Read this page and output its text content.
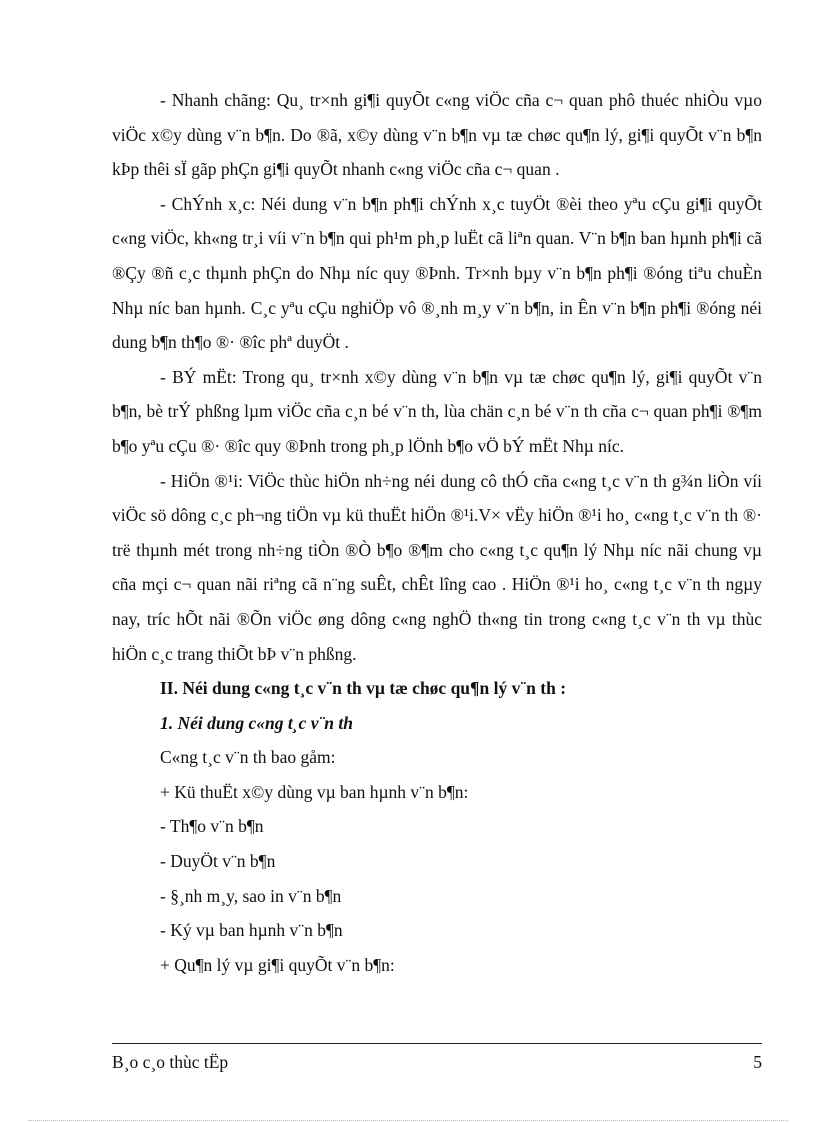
- Nhanh chãng: Qu¸ tr×nh gi¶i quyÕt c«ng viÖc cña c¬ quan phô thuéc nhiÒu vµo viÖc x©y dùng v¨n b¶n. Do ®ã, x©y dùng v¨n b¶n vµ tæ chøc qu¶n lý, gi¶i quyÕt v¨n b¶n kÞp thêi sÏ gãp phÇn gi¶i quyÕt nhanh c«ng viÖc cña c¬ quan .

- ChÝnh x¸c: Néi dung v¨n b¶n ph¶i chÝnh x¸c tuyÖt ®èi theo yªu cÇu gi¶i quyÕt c«ng viÖc, kh«ng tr¸i víi v¨n b¶n qui ph¹m ph¸p luËt cã liªn quan. V¨n b¶n ban hµnh ph¶i cã ®Çy ®ñ c¸c thµnh phÇn do Nhµ níc quy ®Þnh. Tr×nh bµy v¨n b¶n ph¶i ®óng tiªu chuÈn Nhµ níc ban hµnh. C¸c yªu cÇu nghiÖp vô ®¸nh m¸y v¨n b¶n, in Ên v¨n b¶n ph¶i ®óng néi dung b¶n th¶o ®· ®îc phª duyÖt .

- BÝ mËt: Trong qu¸ tr×nh x©y dùng v¨n b¶n vµ tæ chøc qu¶n lý, gi¶i quyÕt v¨n b¶n, bè trÝ phßng lµm viÖc cña c¸n bé v¨n th, lùa chän c¸n bé v¨n th cña c¬ quan ph¶i ®¶m b¶o yªu cÇu ®· ®îc quy ®Þnh trong ph¸p lÖnh b¶o vÖ bÝ mËt Nhµ níc.

- HiÖn ®¹i: ViÖc thùc hiÖn nh÷ng néi dung cô thÓ cña c«ng t¸c v¨n th g¾n liÒn víi viÖc sö dông c¸c ph¬ng tiÖn vµ kü thuËt hiÖn ®¹i.V× vËy hiÖn ®¹i ho¸ c«ng t¸c v¨n th ®· trë thµnh mét trong nh÷ng tiÒn ®Ò b¶o ®¶m cho c«ng t¸c qu¶n lý Nhµ níc nãi chung vµ cña mçi c¬ quan nãi riªng cã n¨ng suÊt, chÊt lîng cao . HiÖn ®¹i ho¸ c«ng t¸c v¨n th ngµy nay, tríc hÕt nãi ®Õn viÖc øng dông c«ng nghÖ th«ng tin trong c«ng t¸c v¨n th vµ thùc hiÖn c¸c trang thiÕt bÞ v¨n phßng.

II. Néi dung c«ng t¸c v¨n th vµ tæ chøc qu¶n lý v¨n th :

1. Néi dung c«ng t¸c v¨n th

C«ng t¸c v¨n th bao gåm:

+ Kü thuËt x©y dùng vµ ban hµnh v¨n b¶n:

- Th¶o v¨n b¶n

- DuyÖt v¨n b¶n

- §¸nh m¸y, sao in v¨n b¶n

- Ký vµ ban hµnh v¨n b¶n

+ Qu¶n lý vµ gi¶i quyÕt v¨n b¶n:

B¸o c¸o thùc tËp	5
